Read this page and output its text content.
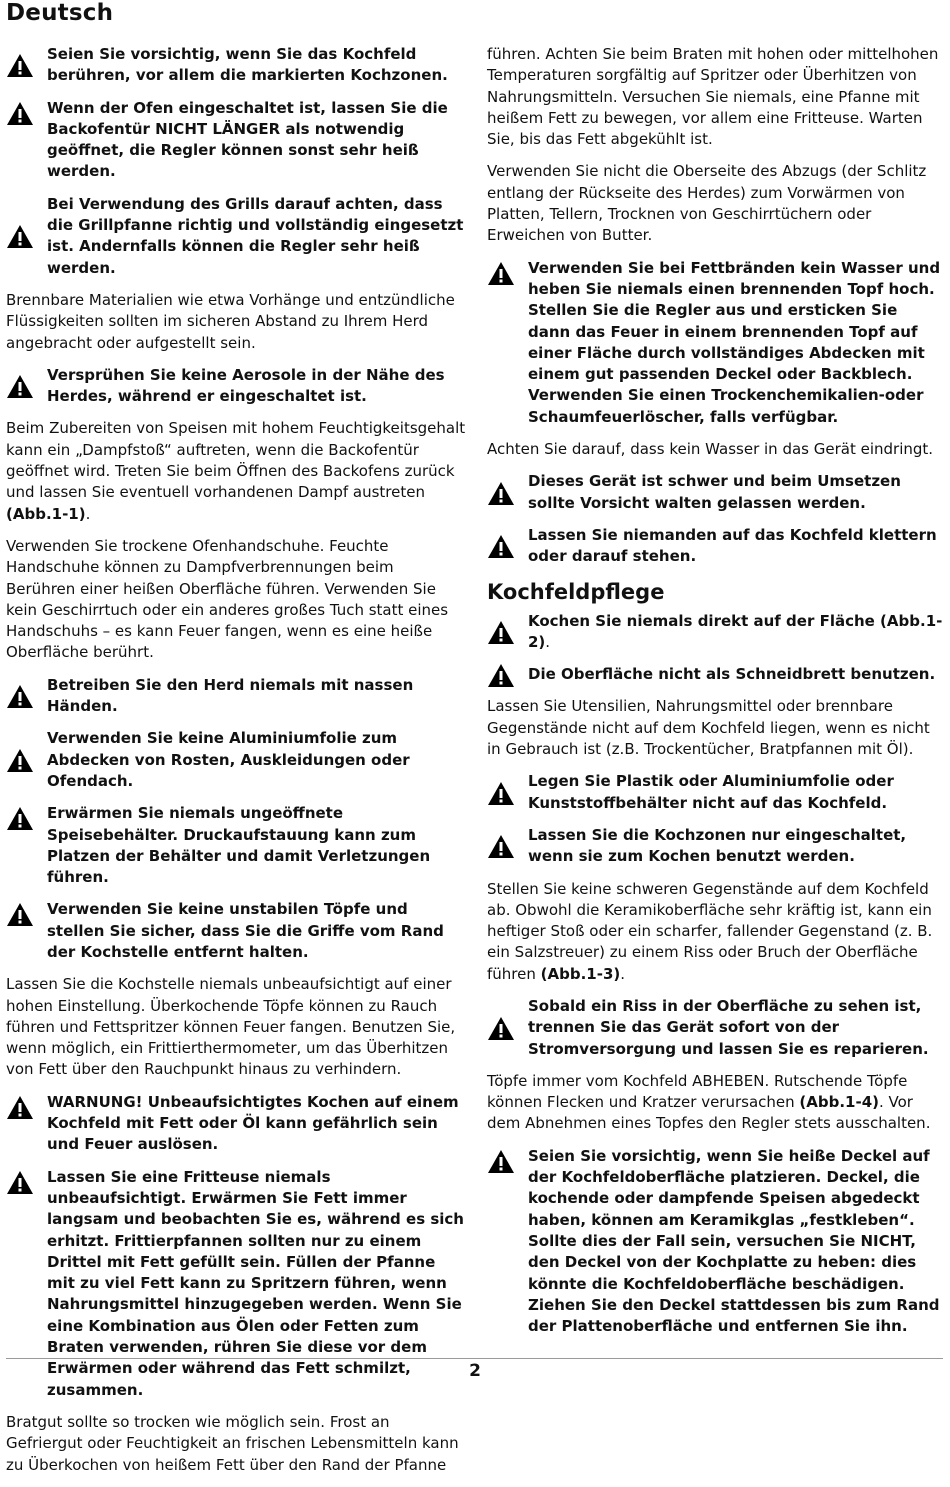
Deutsch

Seien Sie vorsichtig, wenn Sie das Kochfeld berühren, vor allem die markierten Kochzonen.

Wenn der Ofen eingeschaltet ist, lassen Sie die Backofentür NICHT LÄNGER als notwendig geöffnet, die Regler können sonst sehr heiß werden.

Bei Verwendung des Grills darauf achten, dass die Grillpfanne richtig und vollständig eingesetzt ist. Andernfalls können die Regler sehr heiß werden.

Brennbare Materialien wie etwa Vorhänge und entzündliche Flüssigkeiten sollten im sicheren Abstand zu Ihrem Herd angebracht oder aufgestellt sein.

Versprühen Sie keine Aerosole in der Nähe des Herdes, während er eingeschaltet ist.

Beim Zubereiten von Speisen mit hohem Feuchtigkeitsgehalt kann ein „Dampfstoß“ auftreten, wenn die Backofentür geöffnet wird. Treten Sie beim Öffnen des Backofens zurück und lassen Sie eventuell vorhandenen Dampf austreten (Abb.1-1).

Verwenden Sie trockene Ofenhandschuhe. Feuchte Handschuhe können zu Dampfverbrennungen beim Berühren einer heißen Oberfläche führen. Verwenden Sie kein Geschirrtuch oder ein anderes großes Tuch statt eines Handschuhs – es kann Feuer fangen, wenn es eine heiße Oberfläche berührt.

Betreiben Sie den Herd niemals mit nassen Händen.

Verwenden Sie keine Aluminiumfolie zum Abdecken von Rosten, Auskleidungen oder Ofendach.

Erwärmen Sie niemals ungeöffnete Speisebehälter. Druckaufstauung kann zum Platzen der Behälter und damit Verletzungen führen.

Verwenden Sie keine unstabilen Töpfe und stellen Sie sicher, dass Sie die Griffe vom Rand der Kochstelle entfernt halten.

Lassen Sie die Kochstelle niemals unbeaufsichtigt auf einer hohen Einstellung. Überkochende Töpfe können zu Rauch führen und Fettspritzer können Feuer fangen. Benutzen Sie, wenn möglich, ein Frittierthermometer, um das Überhitzen von Fett über den Rauchpunkt hinaus zu verhindern.

WARNUNG! Unbeaufsichtigtes Kochen auf einem Kochfeld mit Fett oder Öl kann gefährlich sein und Feuer auslösen.

Lassen Sie eine Fritteuse niemals unbeaufsichtigt. Erwärmen Sie Fett immer langsam und beobachten Sie es, während es sich erhitzt. Frittierpfannen sollten nur zu einem Drittel mit Fett gefüllt sein. Füllen der Pfanne mit zu viel Fett kann zu Spritzern führen, wenn Nahrungsmittel hinzugegeben werden. Wenn Sie eine Kombination aus Ölen oder Fetten zum Braten verwenden, rühren Sie diese vor dem Erwärmen oder während das Fett schmilzt, zusammen.

Bratgut sollte so trocken wie möglich sein. Frost an Gefriergut oder Feuchtigkeit an frischen Lebensmitteln kann zu Überkochen von heißem Fett über den Rand der Pfanne

führen. Achten Sie beim Braten mit hohen oder mittelhohen Temperaturen sorgfältig auf Spritzer oder Überhitzen von Nahrungsmitteln. Versuchen Sie niemals, eine Pfanne mit heißem Fett zu bewegen, vor allem eine Fritteuse. Warten Sie, bis das Fett abgekühlt ist.

Verwenden Sie nicht die Oberseite des Abzugs (der Schlitz entlang der Rückseite des Herdes) zum Vorwärmen von Platten, Tellern, Trocknen von Geschirrtüchern oder Erweichen von Butter.

Verwenden Sie bei Fettbränden kein Wasser und heben Sie niemals einen brennenden Topf hoch. Stellen Sie die Regler aus und ersticken Sie dann das Feuer in einem brennenden Topf auf einer Fläche durch vollständiges Abdecken mit einem gut passenden Deckel oder Backblech. Verwenden Sie einen Trockenchemikalien-oder Schaumfeuerlöscher, falls verfügbar.

Achten Sie darauf, dass kein Wasser in das Gerät eindringt.

Dieses Gerät ist schwer und beim Umsetzen sollte Vorsicht walten gelassen werden.

Lassen Sie niemanden auf das Kochfeld klettern oder darauf stehen.

Kochfeldpflege

Kochen Sie niemals direkt auf der Fläche (Abb.1-2).

Die Oberfläche nicht als Schneidbrett benutzen.

Lassen Sie Utensilien, Nahrungsmittel oder brennbare Gegenstände nicht auf dem Kochfeld liegen, wenn es nicht in Gebrauch ist (z.B. Trockentücher, Bratpfannen mit Öl).

Legen Sie Plastik oder Aluminiumfolie oder Kunststoffbehälter nicht auf das Kochfeld.

Lassen Sie die Kochzonen nur eingeschaltet, wenn sie zum Kochen benutzt werden.

Stellen Sie keine schweren Gegenstände auf dem Kochfeld ab. Obwohl die Keramikoberfläche sehr kräftig ist, kann ein heftiger Stoß oder ein scharfer, fallender Gegenstand (z. B. ein Salzstreuer) zu einem Riss oder Bruch der Oberfläche führen (Abb.1-3).

Sobald ein Riss in der Oberfläche zu sehen ist, trennen Sie das Gerät sofort von der Stromversorgung und lassen Sie es reparieren.

Töpfe immer vom Kochfeld ABHEBEN. Rutschende Töpfe können Flecken und Kratzer verursachen (Abb.1-4). Vor dem Abnehmen eines Topfes den Regler stets ausschalten.

Seien Sie vorsichtig, wenn Sie heiße Deckel auf der Kochfeldoberfläche platzieren. Deckel, die kochende oder dampfende Speisen abgedeckt haben, können am Keramikglas „festkleben“. Sollte dies der Fall sein, versuchen Sie NICHT, den Deckel von der Kochplatte zu heben: dies könnte die Kochfeldoberfläche beschädigen. Ziehen Sie den Deckel stattdessen bis zum Rand der Plattenoberfläche und entfernen Sie ihn.

2
